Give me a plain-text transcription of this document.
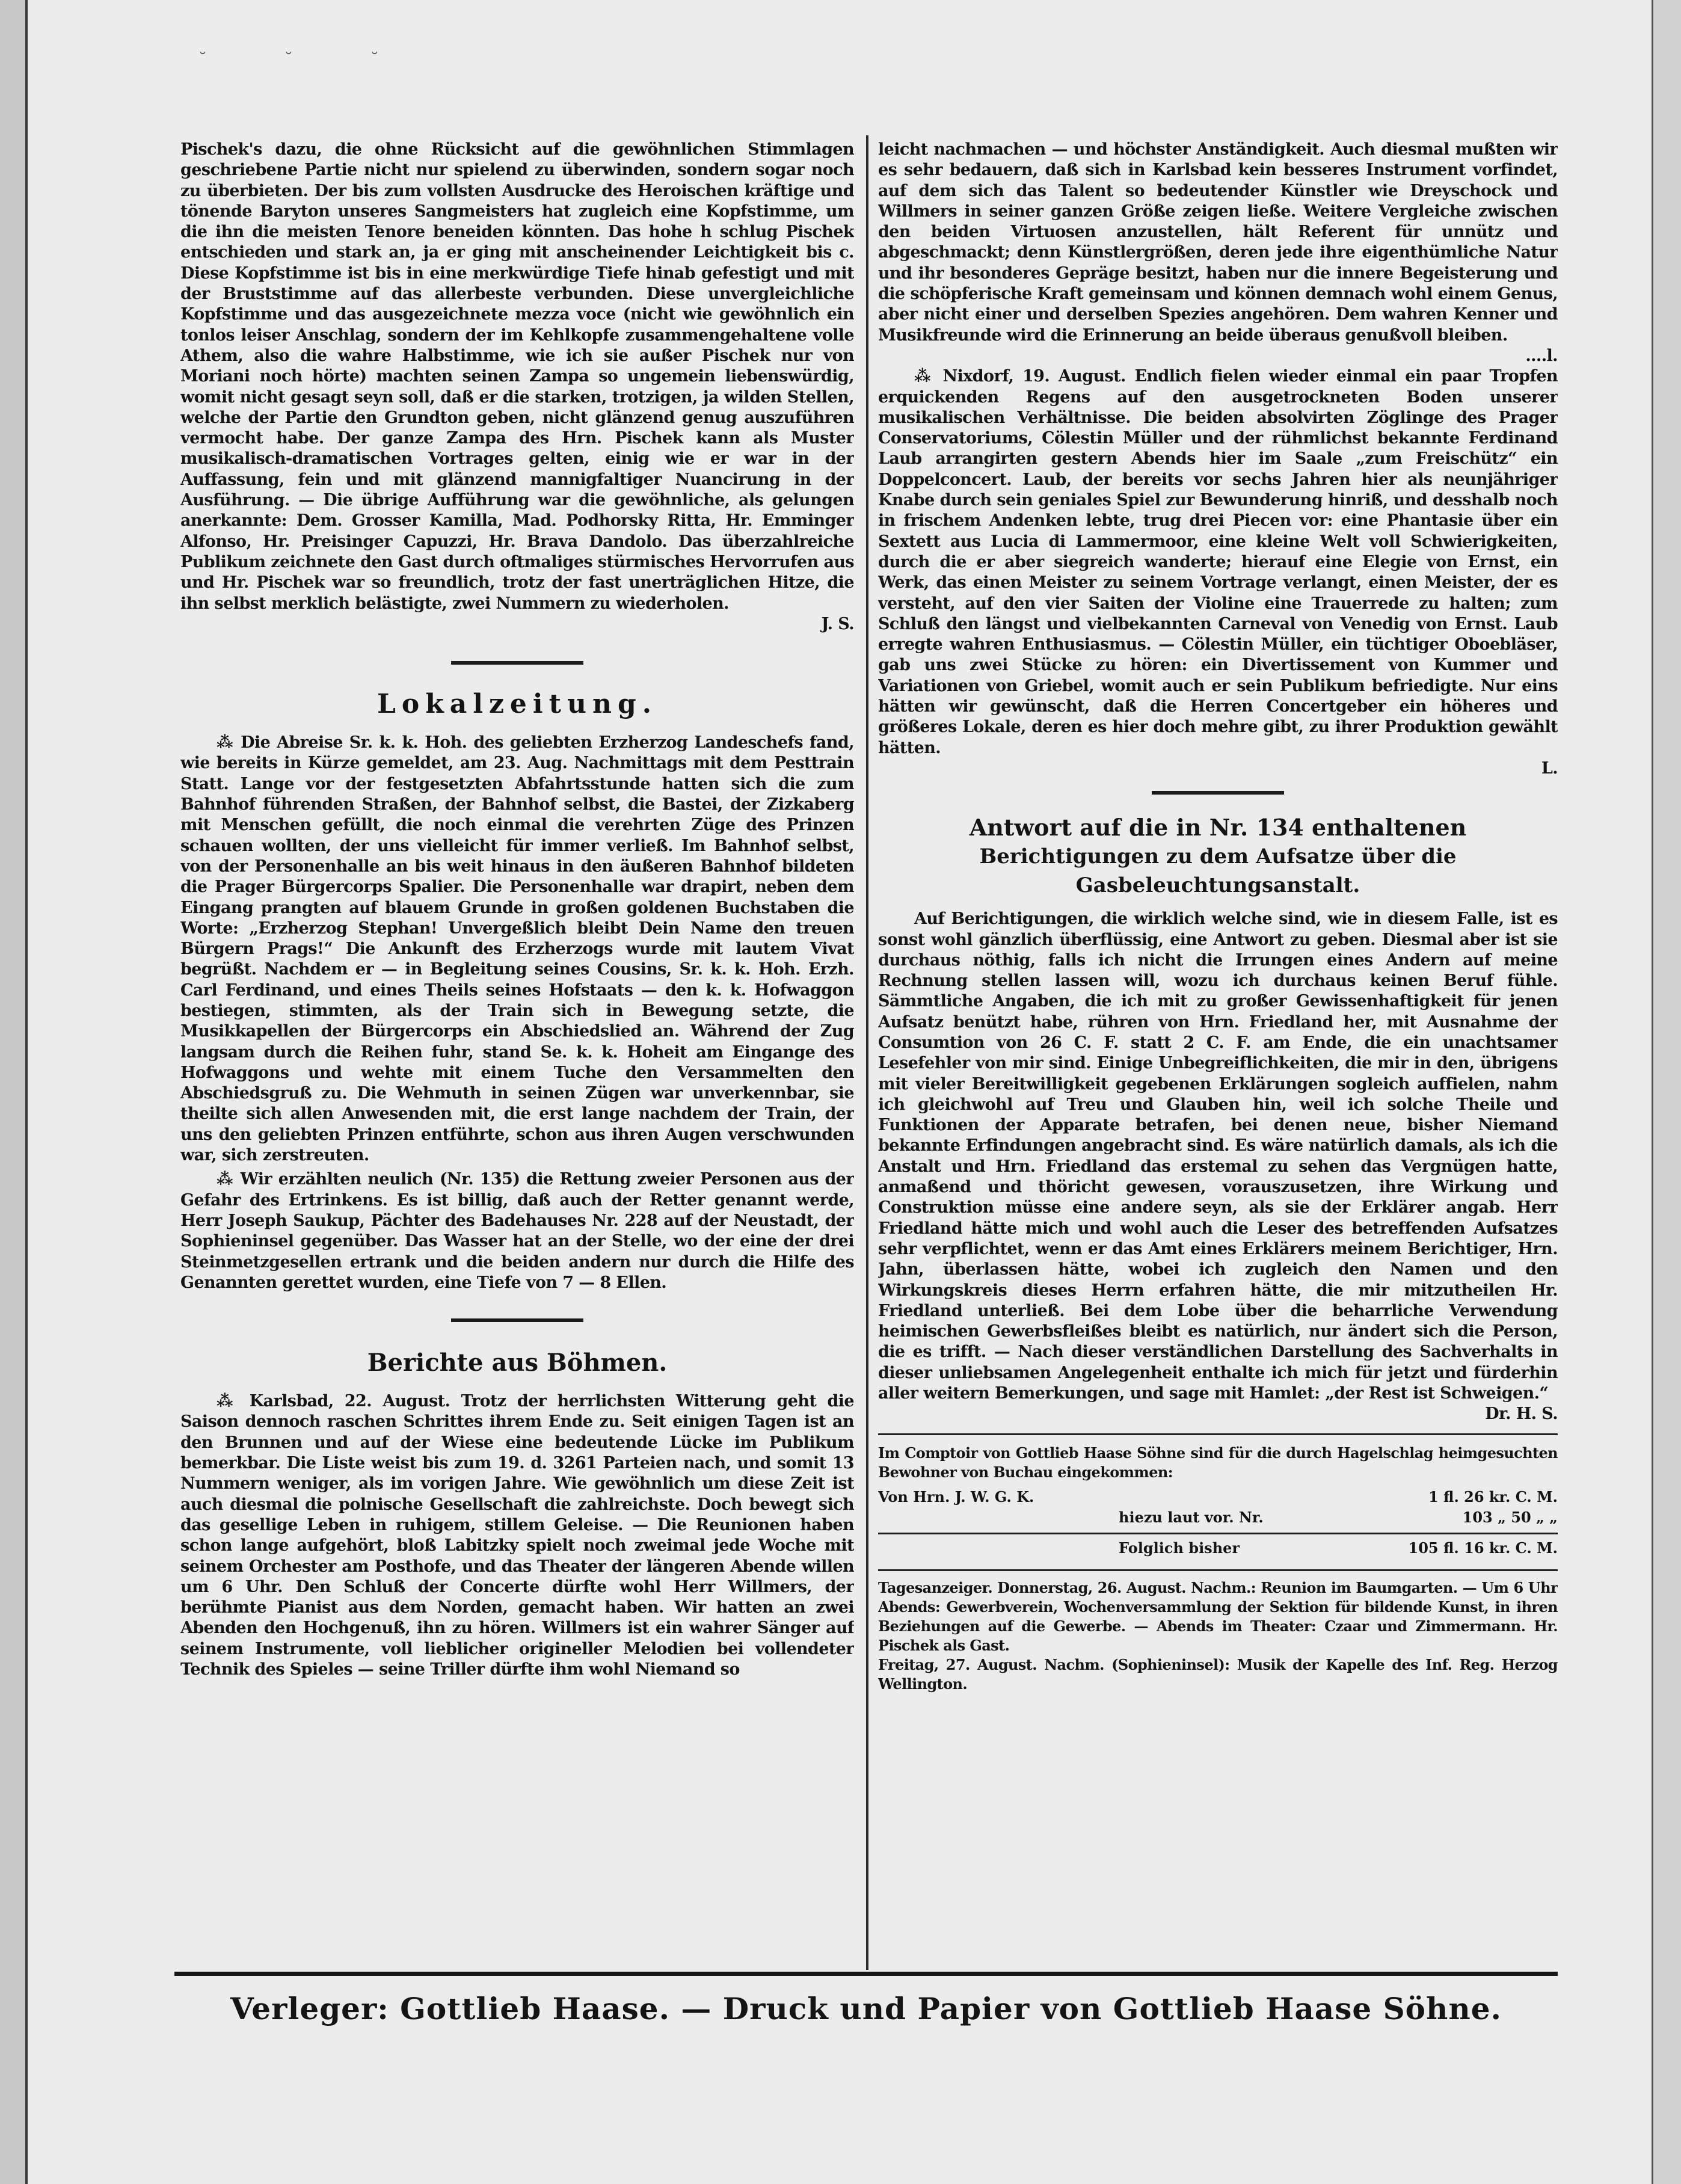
˘ ˘ ˘

Pischek's dazu, die ohne Rücksicht auf die gewöhnlichen Stimmlagen geschriebene Partie nicht nur spielend zu überwinden, sondern sogar noch zu überbieten. Der bis zum vollsten Ausdrucke des Heroischen kräftige und tönende Baryton unseres Sangmeisters hat zugleich eine Kopfstimme, um die ihn die meisten Tenore beneiden könnten. Das hohe h schlug Pischek entschieden und stark an, ja er ging mit anscheinender Leichtigkeit bis c. Diese Kopfstimme ist bis in eine merkwürdige Tiefe hinab gefestigt und mit der Bruststimme auf das allerbeste verbunden. Diese unvergleichliche Kopfstimme und das ausgezeichnete mezza voce (nicht wie gewöhnlich ein tonlos leiser Anschlag, sondern der im Kehlkopfe zusammengehaltene volle Athem, also die wahre Halbstimme, wie ich sie außer Pischek nur von Moriani noch hörte) machten seinen Zampa so ungemein liebenswürdig, womit nicht gesagt seyn soll, daß er die starken, trotzigen, ja wilden Stellen, welche der Partie den Grundton geben, nicht glänzend genug auszuführen vermocht habe. Der ganze Zampa des Hrn. Pischek kann als Muster musikalisch-dramatischen Vortrages gelten, einig wie er war in der Auffassung, fein und mit glänzend mannigfaltiger Nuancirung in der Ausführung. — Die übrige Aufführung war die gewöhnliche, als gelungen anerkannte: Dem. Grosser Kamilla, Mad. Podhorsky Ritta, Hr. Emminger Alfonso, Hr. Preisinger Capuzzi, Hr. Brava Dandolo. Das überzahlreiche Publikum zeichnete den Gast durch oftmaliges stürmisches Hervorrufen aus und Hr. Pischek war so freundlich, trotz der fast unerträglichen Hitze, die ihn selbst merklich belästigte, zwei Nummern zu wiederholen.

J. S.

Lokalzeitung.

⁂ Die Abreise Sr. k. k. Hoh. des geliebten Erzherzog Landeschefs fand, wie bereits in Kürze gemeldet, am 23. Aug. Nachmittags mit dem Pesttrain Statt. Lange vor der festgesetzten Abfahrtsstunde hatten sich die zum Bahnhof führenden Straßen, der Bahnhof selbst, die Bastei, der Zizkaberg mit Menschen gefüllt, die noch einmal die verehrten Züge des Prinzen schauen wollten, der uns vielleicht für immer verließ. Im Bahnhof selbst, von der Personenhalle an bis weit hinaus in den äußeren Bahnhof bildeten die Prager Bürgercorps Spalier. Die Personenhalle war drapirt, neben dem Eingang prangten auf blauem Grunde in großen goldenen Buchstaben die Worte: „Erzherzog Stephan! Unvergeßlich bleibt Dein Name den treuen Bürgern Prags!“ Die Ankunft des Erzherzogs wurde mit lautem Vivat begrüßt. Nachdem er — in Begleitung seines Cousins, Sr. k. k. Hoh. Erzh. Carl Ferdinand, und eines Theils seines Hofstaats — den k. k. Hofwaggon bestiegen, stimmten, als der Train sich in Bewegung setzte, die Musikkapellen der Bürgercorps ein Abschiedslied an. Während der Zug langsam durch die Reihen fuhr, stand Se. k. k. Hoheit am Eingange des Hofwaggons und wehte mit einem Tuche den Versammelten den Abschiedsgruß zu. Die Wehmuth in seinen Zügen war unverkennbar, sie theilte sich allen Anwesenden mit, die erst lange nachdem der Train, der uns den geliebten Prinzen entführte, schon aus ihren Augen verschwunden war, sich zerstreuten.

⁂ Wir erzählten neulich (Nr. 135) die Rettung zweier Personen aus der Gefahr des Ertrinkens. Es ist billig, daß auch der Retter genannt werde, Herr Joseph Saukup, Pächter des Badehauses Nr. 228 auf der Neustadt, der Sophieninsel gegenüber. Das Wasser hat an der Stelle, wo der eine der drei Steinmetzgesellen ertrank und die beiden andern nur durch die Hilfe des Genannten gerettet wurden, eine Tiefe von 7 — 8 Ellen.

Berichte aus Böhmen.

⁂ Karlsbad, 22. August. Trotz der herrlichsten Witterung geht die Saison dennoch raschen Schrittes ihrem Ende zu. Seit einigen Tagen ist an den Brunnen und auf der Wiese eine bedeutende Lücke im Publikum bemerkbar. Die Liste weist bis zum 19. d. 3261 Parteien nach, und somit 13 Nummern weniger, als im vorigen Jahre. Wie gewöhnlich um diese Zeit ist auch diesmal die polnische Gesellschaft die zahlreichste. Doch bewegt sich das gesellige Leben in ruhigem, stillem Geleise. — Die Reunionen haben schon lange aufgehört, bloß Labitzky spielt noch zweimal jede Woche mit seinem Orchester am Posthofe, und das Theater der längeren Abende willen um 6 Uhr. Den Schluß der Concerte dürfte wohl Herr Willmers, der berühmte Pianist aus dem Norden, gemacht haben. Wir hatten an zwei Abenden den Hochgenuß, ihn zu hören. Willmers ist ein wahrer Sänger auf seinem Instrumente, voll lieblicher origineller Melodien bei vollendeter Technik des Spieles — seine Triller dürfte ihm wohl Niemand so

leicht nachmachen — und höchster Anständigkeit. Auch diesmal mußten wir es sehr bedauern, daß sich in Karlsbad kein besseres Instrument vorfindet, auf dem sich das Talent so bedeutender Künstler wie Dreyschock und Willmers in seiner ganzen Größe zeigen ließe. Weitere Vergleiche zwischen den beiden Virtuosen anzustellen, hält Referent für unnütz und abgeschmackt; denn Künstlergrößen, deren jede ihre eigenthümliche Natur und ihr besonderes Gepräge besitzt, haben nur die innere Begeisterung und die schöpferische Kraft gemeinsam und können demnach wohl einem Genus, aber nicht einer und derselben Spezies angehören. Dem wahren Kenner und Musikfreunde wird die Erinnerung an beide überaus genußvoll bleiben.

....l.

⁂ Nixdorf, 19. August. Endlich fielen wieder einmal ein paar Tropfen erquickenden Regens auf den ausgetrockneten Boden unserer musikalischen Verhältnisse. Die beiden absolvirten Zöglinge des Prager Conservatoriums, Cölestin Müller und der rühmlichst bekannte Ferdinand Laub arrangirten gestern Abends hier im Saale „zum Freischütz“ ein Doppelconcert. Laub, der bereits vor sechs Jahren hier als neunjähriger Knabe durch sein geniales Spiel zur Bewunderung hinriß, und desshalb noch in frischem Andenken lebte, trug drei Piecen vor: eine Phantasie über ein Sextett aus Lucia di Lammermoor, eine kleine Welt voll Schwierigkeiten, durch die er aber siegreich wanderte; hierauf eine Elegie von Ernst, ein Werk, das einen Meister zu seinem Vortrage verlangt, einen Meister, der es versteht, auf den vier Saiten der Violine eine Trauerrede zu halten; zum Schluß den längst und vielbekannten Carneval von Venedig von Ernst. Laub erregte wahren Enthusiasmus. — Cölestin Müller, ein tüchtiger Oboebläser, gab uns zwei Stücke zu hören: ein Divertissement von Kummer und Variationen von Griebel, womit auch er sein Publikum befriedigte. Nur eins hätten wir gewünscht, daß die Herren Concertgeber ein höheres und größeres Lokale, deren es hier doch mehre gibt, zu ihrer Produktion gewählt hätten.

L.

Antwort auf die in Nr. 134 enthaltenen
Berichtigungen zu dem Aufsatze über die Gasbeleuchtungsanstalt.

Auf Berichtigungen, die wirklich welche sind, wie in diesem Falle, ist es sonst wohl gänzlich überflüssig, eine Antwort zu geben. Diesmal aber ist sie durchaus nöthig, falls ich nicht die Irrungen eines Andern auf meine Rechnung stellen lassen will, wozu ich durchaus keinen Beruf fühle. Sämmtliche Angaben, die ich mit zu großer Gewissenhaftigkeit für jenen Aufsatz benützt habe, rühren von Hrn. Friedland her, mit Ausnahme der Consumtion von 26 C. F. statt 2 C. F. am Ende, die ein unachtsamer Lesefehler von mir sind. Einige Unbegreiflichkeiten, die mir in den, übrigens mit vieler Bereitwilligkeit gegebenen Erklärungen sogleich auffielen, nahm ich gleichwohl auf Treu und Glauben hin, weil ich solche Theile und Funktionen der Apparate betrafen, bei denen neue, bisher Niemand bekannte Erfindungen angebracht sind. Es wäre natürlich damals, als ich die Anstalt und Hrn. Friedland das erstemal zu sehen das Vergnügen hatte, anmaßend und thöricht gewesen, vorauszusetzen, ihre Wirkung und Construktion müsse eine andere seyn, als sie der Erklärer angab. Herr Friedland hätte mich und wohl auch die Leser des betreffenden Aufsatzes sehr verpflichtet, wenn er das Amt eines Erklärers meinem Berichtiger, Hrn. Jahn, überlassen hätte, wobei ich zugleich den Namen und den Wirkungskreis dieses Herrn erfahren hätte, die mir mitzutheilen Hr. Friedland unterließ. Bei dem Lobe über die beharrliche Verwendung heimischen Gewerbsfleißes bleibt es natürlich, nur ändert sich die Person, die es trifft. — Nach dieser verständlichen Darstellung des Sachverhalts in dieser unliebsamen Angelegenheit enthalte ich mich für jetzt und fürderhin aller weitern Bemerkungen, und sage mit Hamlet: „der Rest ist Schweigen.“

Dr. H. S.

Im Comptoir von Gottlieb Haase Söhne sind für die durch Hagelschlag heimgesuchten Bewohner von Buchau eingekommen:

Von Hrn. J. W. G. K.	1 fl. 26 kr. C. M.
hiezu laut vor. Nr.	103 „ 50 „ „
Folglich bisher	105 fl. 16 kr. C. M.

Tagesanzeiger. Donnerstag, 26. August. Nachm.: Reunion im Baumgarten. — Um 6 Uhr Abends: Gewerbverein, Wochenversammlung der Sektion für bildende Kunst, in ihren Beziehungen auf die Gewerbe. — Abends im Theater: Czaar und Zimmermann. Hr. Pischek als Gast.

Freitag, 27. August. Nachm. (Sophieninsel): Musik der Kapelle des Inf. Reg. Herzog Wellington.

Verleger: Gottlieb Haase. — Druck und Papier von Gottlieb Haase Söhne.
